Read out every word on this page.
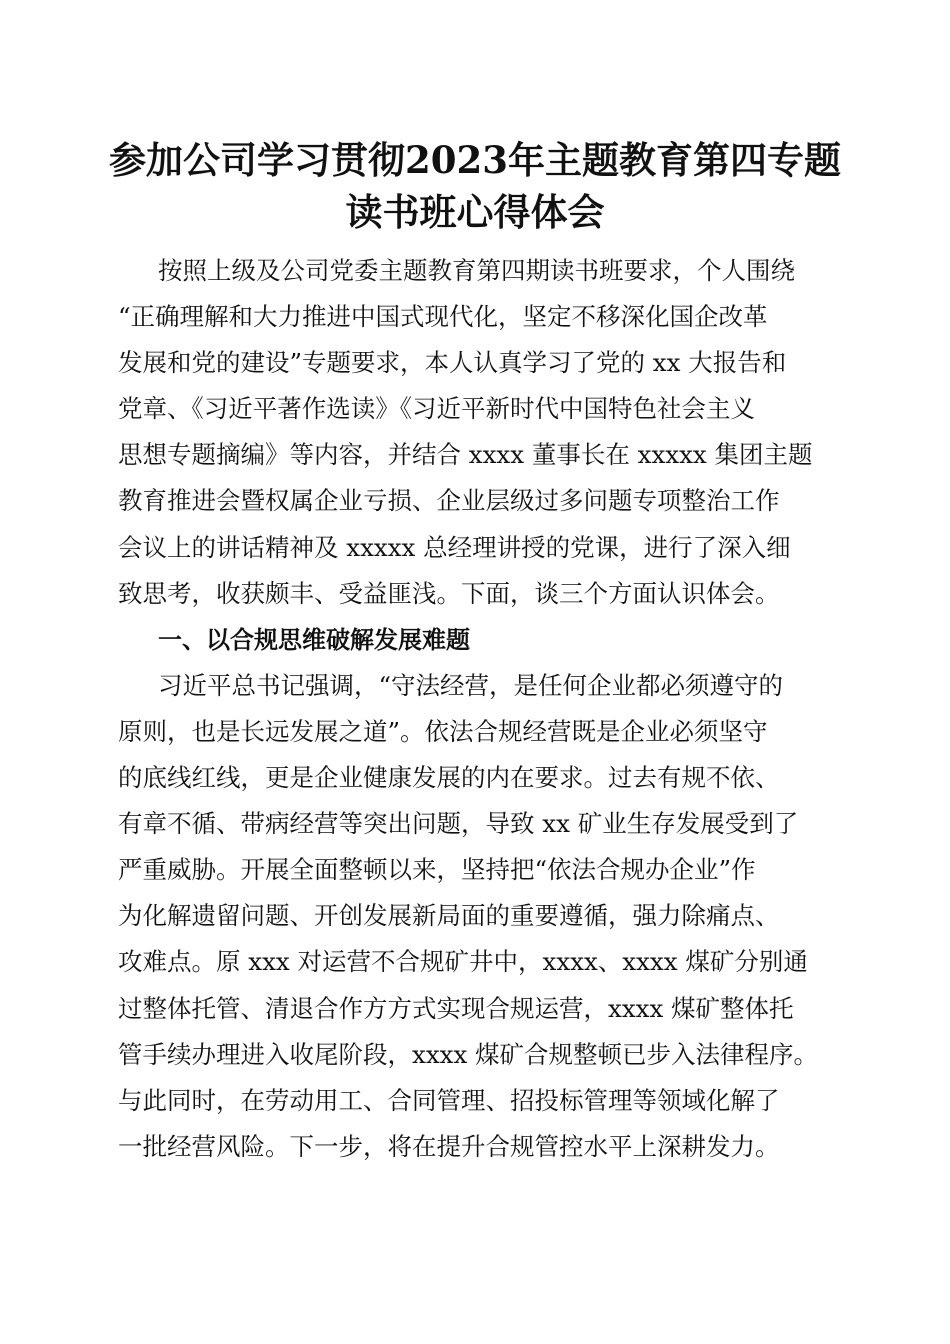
参加公司学习贯彻2023年主题教育第四专题
读书班心得体会
按照上级及公司党委主题教育第四期读书班要求，个人围绕
“正确理解和大力推进中国式现代化，坚定不移深化国企改革
发展和党的建设”专题要求，本人认真学习了党的 xx 大报告和
党章、《习近平著作选读》《习近平新时代中国特色社会主义
思想专题摘编》等内容，并结合 xxxx 董事长在 xxxxx 集团主题
教育推进会暨权属企业亏损、企业层级过多问题专项整治工作
会议上的讲话精神及 xxxxx 总经理讲授的党课，进行了深入细
致思考，收获颇丰、受益匪浅。下面，谈三个方面认识体会。
一、以合规思维破解发展难题
习近平总书记强调，“守法经营，是任何企业都必须遵守的
原则，也是长远发展之道”。依法合规经营既是企业必须坚守
的底线红线，更是企业健康发展的内在要求。过去有规不依、
有章不循、带病经营等突出问题，导致 xx 矿业生存发展受到了
严重威胁。开展全面整顿以来，坚持把“依法合规办企业”作
为化解遗留问题、开创发展新局面的重要遵循，强力除痛点、
攻难点。原 xxx 对运营不合规矿井中，xxxx、xxxx 煤矿分别通
过整体托管、清退合作方方式实现合规运营，xxxx 煤矿整体托
管手续办理进入收尾阶段，xxxx 煤矿合规整顿已步入法律程序。
与此同时，在劳动用工、合同管理、招投标管理等领域化解了
一批经营风险。下一步，将在提升合规管控水平上深耕发力。
